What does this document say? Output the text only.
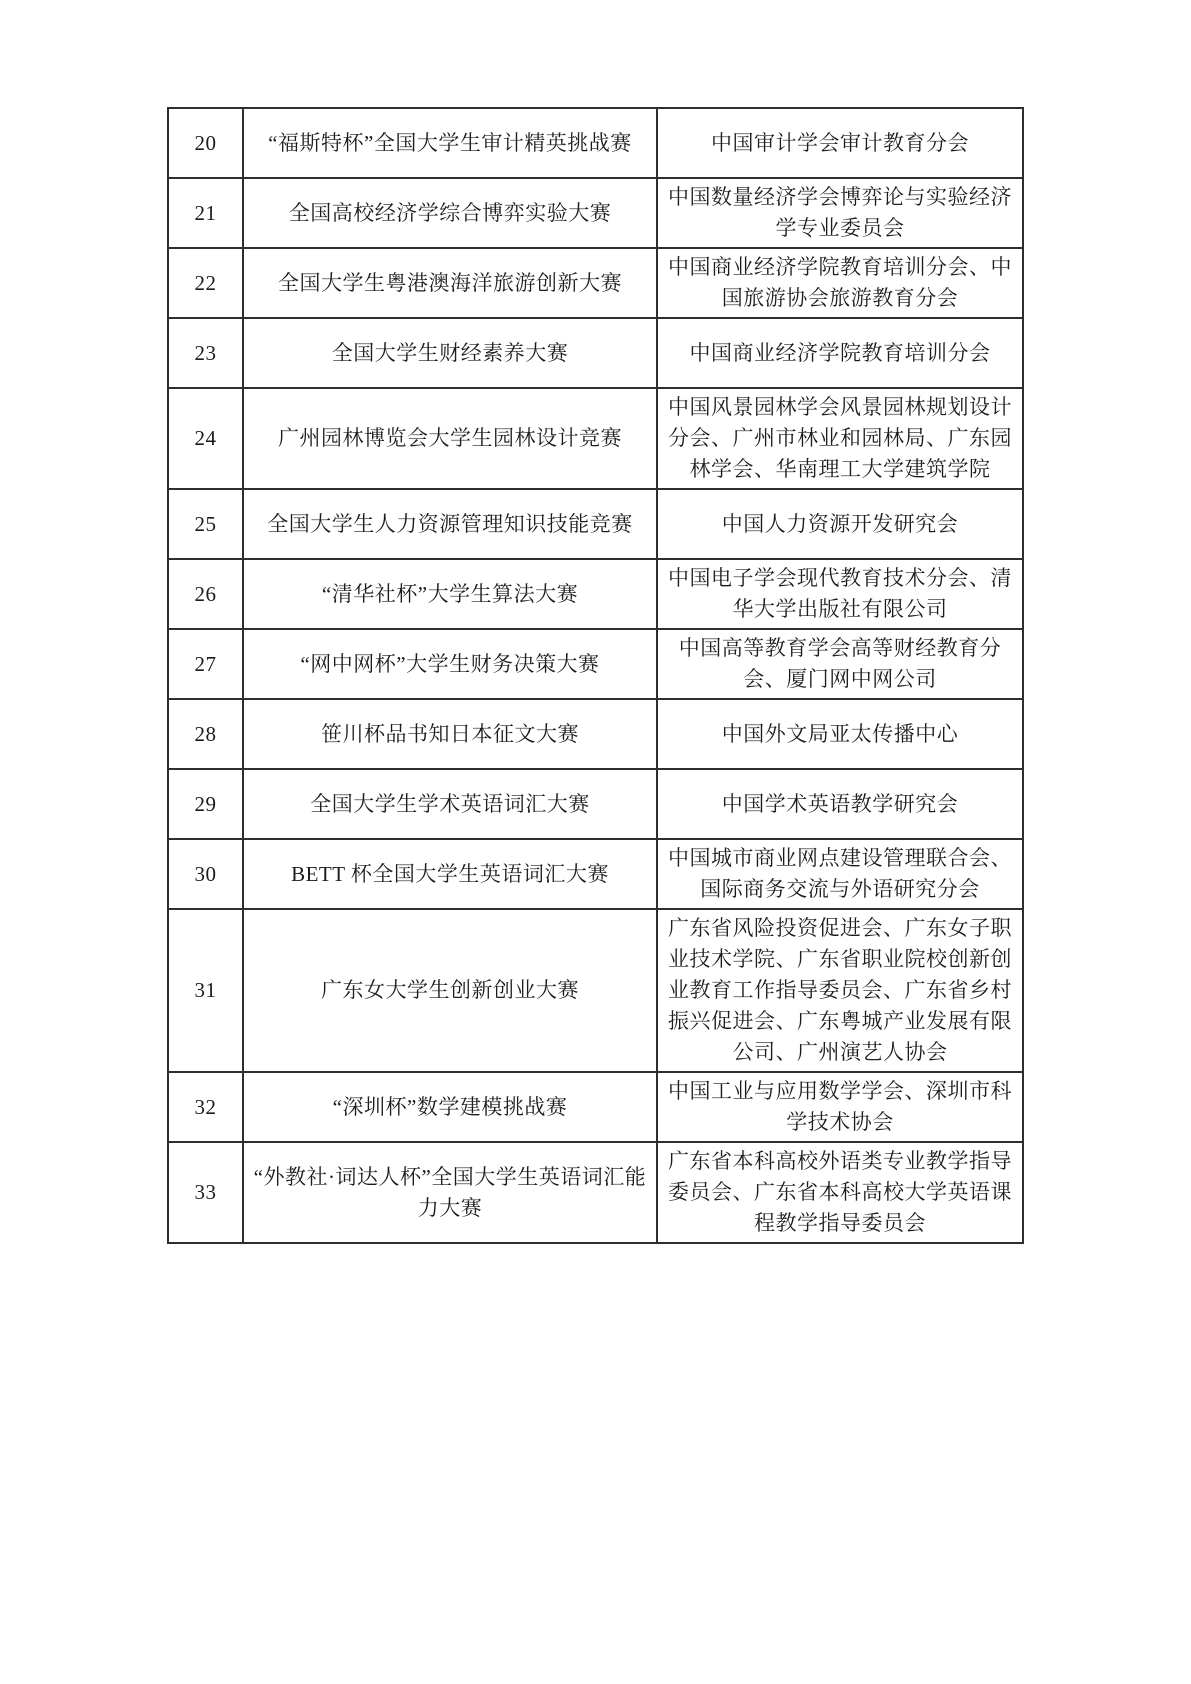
20	“福斯特杯”全国大学生审计精英挑战赛	中国审计学会审计教育分会
21	全国高校经济学综合博弈实验大赛	中国数量经济学会博弈论与实验经济学专业委员会
22	全国大学生粤港澳海洋旅游创新大赛	中国商业经济学院教育培训分会、中国旅游协会旅游教育分会
23	全国大学生财经素养大赛	中国商业经济学院教育培训分会
24	广州园林博览会大学生园林设计竞赛	中国风景园林学会风景园林规划设计分会、广州市林业和园林局、广东园林学会、华南理工大学建筑学院
25	全国大学生人力资源管理知识技能竞赛	中国人力资源开发研究会
26	“清华社杯”大学生算法大赛	中国电子学会现代教育技术分会、清华大学出版社有限公司
27	“网中网杯”大学生财务决策大赛	中国高等教育学会高等财经教育分会、厦门网中网公司
28	笹川杯品书知日本征文大赛	中国外文局亚太传播中心
29	全国大学生学术英语词汇大赛	中国学术英语教学研究会
30	BETT 杯全国大学生英语词汇大赛	中国城市商业网点建设管理联合会、国际商务交流与外语研究分会
31	广东女大学生创新创业大赛	广东省风险投资促进会、广东女子职业技术学院、广东省职业院校创新创业教育工作指导委员会、广东省乡村振兴促进会、广东粤城产业发展有限公司、广州演艺人协会
32	“深圳杯”数学建模挑战赛	中国工业与应用数学学会、深圳市科学技术协会
33	“外教社·词达人杯”全国大学生英语词汇能力大赛	广东省本科高校外语类专业教学指导委员会、广东省本科高校大学英语课程教学指导委员会
